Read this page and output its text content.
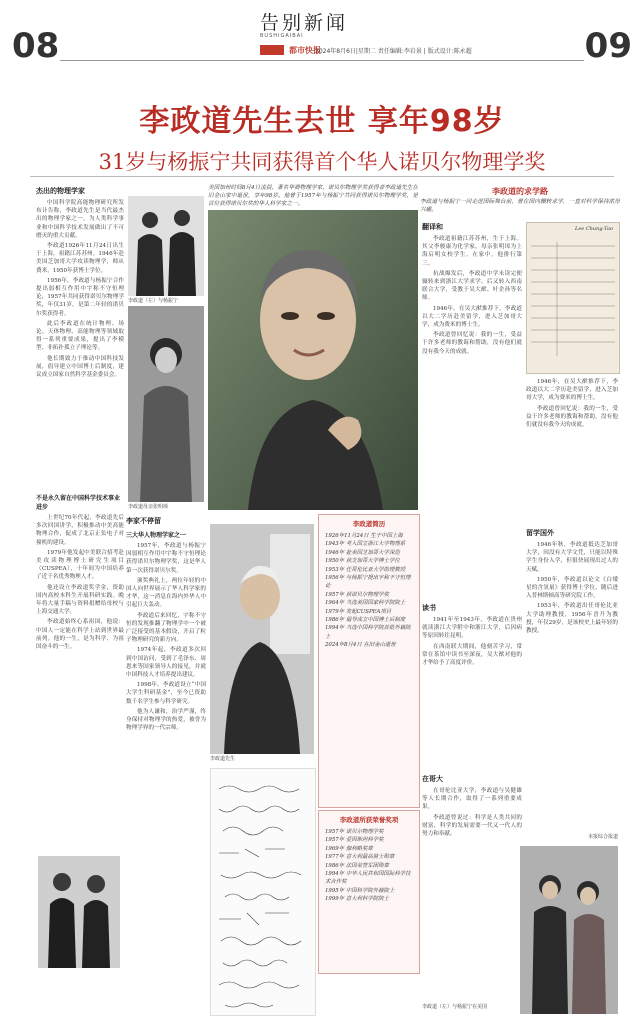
08	09
告别新闻
BUSHIGAIBAI
都市快报
2024年8月6日|星期二 责任编辑:李岩景 | 版式设计:陈永超
李政道先生去世 享年98岁
31岁与杨振宁共同获得首个华人诺贝尔物理学奖
美国加州时间8月4日凌晨，著名华裔物理学家、诺贝尔物理学奖获得者李政道先生在旧金山家中逝世，享年98岁。他曾于1957年与杨振宁共同获得诺贝尔物理学奖，是首位获得诺贝尔奖的华人科学家之一。
李政道的求学路
李政道与杨振宁一同走进国际舞台前，曾在国内辗转求学，一直对科学保持浓厚兴趣。
杰出的物理学家

中国科学院高能物理研究所发布讣告称，李政道先生是当代最杰出的物理学家之一，为人类科学事业和中国科学技术发展做出了不可磨灭的重大贡献。

李政道1926年11月24日出生于上海，祖籍江苏苏州。1946年赴美国芝加哥大学攻读物理学，师从费米，1950年获博士学位。

1956年，李政道与杨振宁合作提出弱相互作用中宇称不守恒理论，1957年共同获得诺贝尔物理学奖，年仅31岁，是第二年轻的诺贝尔奖获得者。

此后李政道在统计物理、场论、天体物理、高能物理等领域取得一系列重要成果，提出了李模型、非拓扑孤立子理论等。

他长期致力于推动中国科技发展，倡导建立中国博士后制度，建议成立国家自然科学基金委员会。

不是永久留在中国科学技术事业进步

上世纪70年代起，李政道先后多次回国讲学，积极推动中美高能物理合作，促成了北京正负电子对撞机的建设。

1979年他发起中美联合招考赴美攻读物理博士研究生项目（CUSPEA），十年间为中国培养了近千名优秀物理人才。

他还设立李政道奖学金，资助国内高校本科生开展科研实践。晚年将大量手稿与资料捐赠给母校与上海交通大学。

李政道始终心系祖国，他说：中国人一定能在科学上站到世界最前列。他的一生，是为科学、为祖国奋斗的一生。

李政道（左）与杨振宁
李政道母亲张明璋
李家不停留
三大华人物理学家之一

1957年，李政道与杨振宁因弱相互作用中宇称不守恒理论获得诺贝尔物理学奖，这是华人第一次获得诺贝尔奖。

颁奖典礼上，两位年轻的中国人向世界展示了华人科学家的才华，这一消息在海内外华人中引起巨大轰动。

李政道后来回忆，宇称不守恒的发现推翻了物理学中一个被广泛接受的基本假设，开启了粒子物理研究的新方向。

1974年起，李政道多次回到中国访问，受到了毛泽东、周恩来等国家领导人的接见，并就中国科技人才培养提出建议。

1998年，李政道设立“中国大学生科研基金”，至今已资助数千名学生参与科学研究。

他为人谦和，治学严谨，终身保持对物理学的热爱，被誉为物理学界的一代宗师。

李政道简历
1926年11月24日 生于中国上海
1943年 考入国立浙江大学物理系
1946年 赴美国芝加哥大学深造
1950年 获芝加哥大学博士学位
1953年 任哥伦比亚大学助理教授
1956年 与杨振宁提出宇称不守恒理论
1957年 获诺贝尔物理学奖
1964年 当选美国国家科学院院士
1979年 发起CUSPEA项目
1986年 倡导成立中国博士后制度
1994年 当选中国科学院首批外籍院士
2024年8月4日 在旧金山逝世
李政道所获荣誉奖项
1957年 诺贝尔物理学奖
1957年 爱因斯坦科学奖
1969年 伽利略奖章
1977年 意大利最高骑士勋章
1986年 法国荣誉军团勋章
1994年 中华人民共和国国际科学技术合作奖
1995年 中国科学院外籍院士
1999年 意大利科学院院士
李政道先生
翻译和

李政道祖籍江苏苏州，生于上海。其父李骏康为化学家，母亲张明璋为上海启明女校学生。在家中，他排行第三。

抗战爆发后，李政道中学未读完便辗转来到浙江大学求学，后又转入西南联合大学，受教于吴大猷、叶企孙等名师。

1946年，在吴大猷推荐下，李政道以大二学历赴美留学，进入芝加哥大学，成为费米的博士生。

李政道曾回忆说：我的一生，受益于许多老师的教诲和帮助，没有他们就没有我今天的成就。

读书

1941年至1943年，李政道在贵州就读浙江大学附中和浙江大学，后因病等原因转往昆明。

在西南联大期间，他刻苦学习，常常在茶馆中读书至深夜，吴大猷对他的才华给予了高度评价。

在哥大

在哥伦比亚大学，李政道与吴健雄等人长期合作，取得了一系列重要成果。

李政道曾说过：科学是人类共同的财富，科学的发展需要一代又一代人的努力和奉献。

Lee Chung-Tao
留学国外

1946年秋，李政道抵达芝加哥大学，因没有大学文凭，只能以特殊学生身份入学，但很快展现出过人的天赋。

1950年，李政道以论文《白矮星的含氢量》获得博士学位，随后进入普林斯顿高等研究院工作。

1953年，李政道出任哥伦比亚大学助理教授，1956年晋升为教授，年仅29岁，是该校史上最年轻的教授。

1946年，在吴大猷推荐下，李政道以大二学历赴美留学，进入芝加哥大学，成为费米的博士生。

李政道曾回忆说：我的一生，受益于许多老师的教诲和帮助，没有他们就没有我今天的成就。

本报综合报道
李政道（左）与杨振宁在美国
